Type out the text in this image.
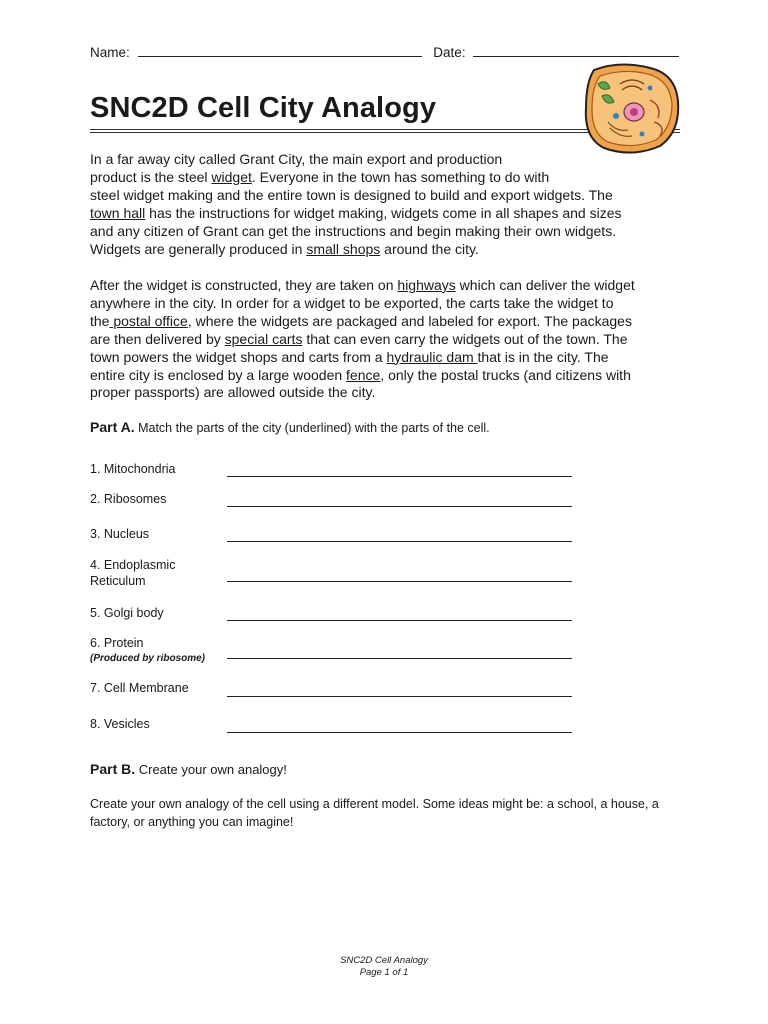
Name:	Date:
SNC2D Cell City Analogy
In a far away city called Grant City, the main export and production
product is the steel widget. Everyone in the town has something to do with
steel widget making and the entire town is designed to build and export widgets. The
town hall has the instructions for widget making, widgets come in all shapes and sizes
and any citizen of Grant can get the instructions and begin making their own widgets.
Widgets are generally produced in small shops around the city.
After the widget is constructed, they are taken on highways which can deliver the widget
anywhere in the city. In order for a widget to be exported, the carts take the widget to
the postal office, where the widgets are packaged and labeled for export. The packages
are then delivered by special carts that can even carry the widgets out of the town. The
town powers the widget shops and carts from a hydraulic dam that is in the city. The
entire city is enclosed by a large wooden fence, only the postal trucks (and citizens with
proper passports) are allowed outside the city.
Part A. Match the parts of the city (underlined) with the parts of the cell.
1. Mitochondria
2. Ribosomes
3. Nucleus
4. Endoplasmic
Reticulum
5. Golgi body
6. Protein
(Produced by ribosome)
7. Cell Membrane
8. Vesicles
Part B. Create your own analogy!
Create your own analogy of the cell using a different model. Some ideas might be: a school, a house, a factory, or anything you can imagine!
SNC2D Cell Analogy
Page 1 of 1
